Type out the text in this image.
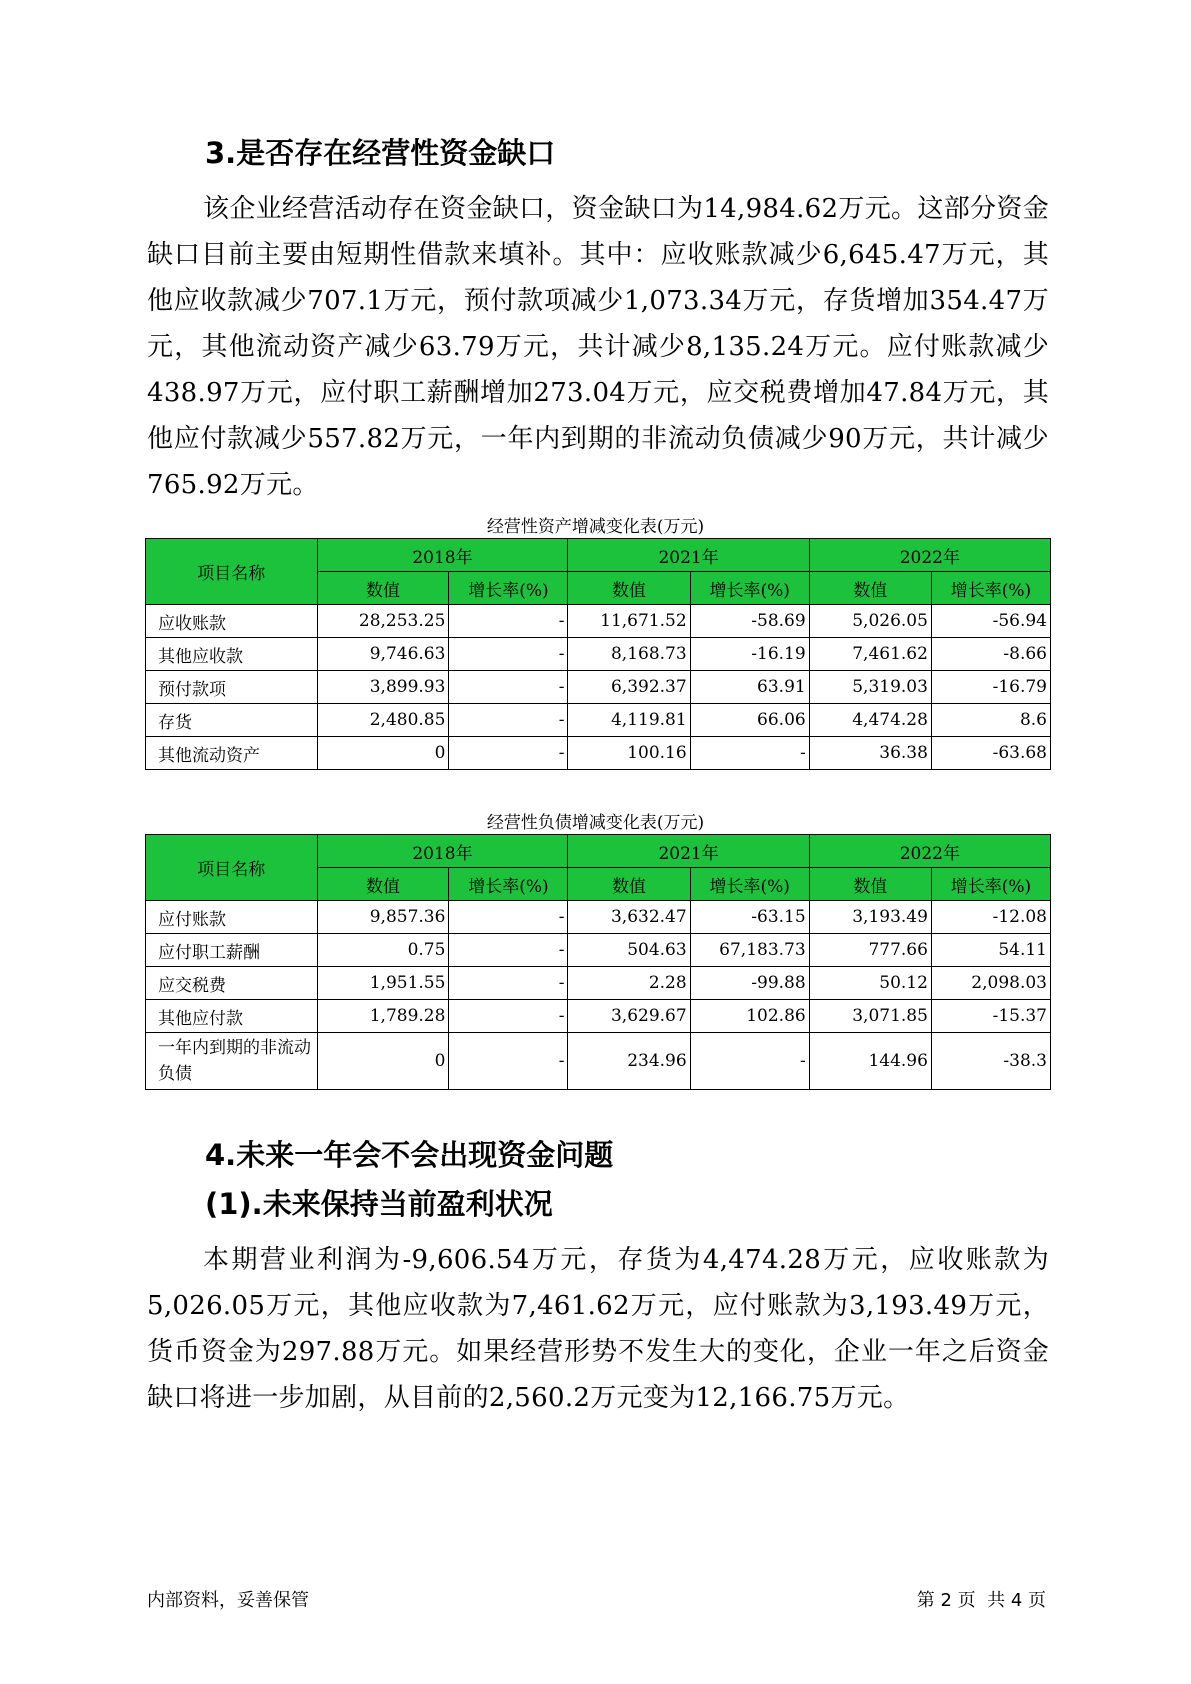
3.是否存在经营性资金缺口

该企业经营活动存在资金缺口，资金缺口为14,984.62万元。这部分资金缺口目前主要由短期性借款来填补。其中：应收账款减少6,645.47万元，其他应收款减少707.1万元，预付款项减少1,073.34万元，存货增加354.47万元，其他流动资产减少63.79万元，共计减少8,135.24万元。应付账款减少438.97万元，应付职工薪酬增加273.04万元，应交税费增加47.84万元，其他应付款减少557.82万元，一年内到期的非流动负债减少90万元，共计减少765.92万元。

经营性资产增减变化表(万元)
项目名称	2018年		2021年		2022年	
	数值	增长率(%)	数值	增长率(%)	数值	增长率(%)
应收账款	28,253.25	-	11,671.52	-58.69	5,026.05	-56.94
其他应收款	9,746.63	-	8,168.73	-16.19	7,461.62	-8.66
预付款项	3,899.93	-	6,392.37	63.91	5,319.03	-16.79
存货	2,480.85	-	4,119.81	66.06	4,474.28	8.6
其他流动资产	0	-	100.16	-	36.38	-63.68
经营性负债增减变化表(万元)
项目名称	2018年		2021年		2022年	
	数值	增长率(%)	数值	增长率(%)	数值	增长率(%)
应付账款	9,857.36	-	3,632.47	-63.15	3,193.49	-12.08
应付职工薪酬	0.75	-	504.63	67,183.73	777.66	54.11
应交税费	1,951.55	-	2.28	-99.88	50.12	2,098.03
其他应付款	1,789.28	-	3,629.67	102.86	3,071.85	-15.37
一年内到期的非流动负债	0	-	234.96	-	144.96	-38.3
4.未来一年会不会出现资金问题
(1).未来保持当前盈利状况

本期营业利润为-9,606.54万元，存货为4,474.28万元，应收账款为5,026.05万元，其他应收款为7,461.62万元，应付账款为3,193.49万元，货币资金为297.88万元。如果经营形势不发生大的变化，企业一年之后资金缺口将进一步加剧，从目前的2,560.2万元变为12,166.75万元。

内部资料，妥善保管	第 2 页  共 4 页
